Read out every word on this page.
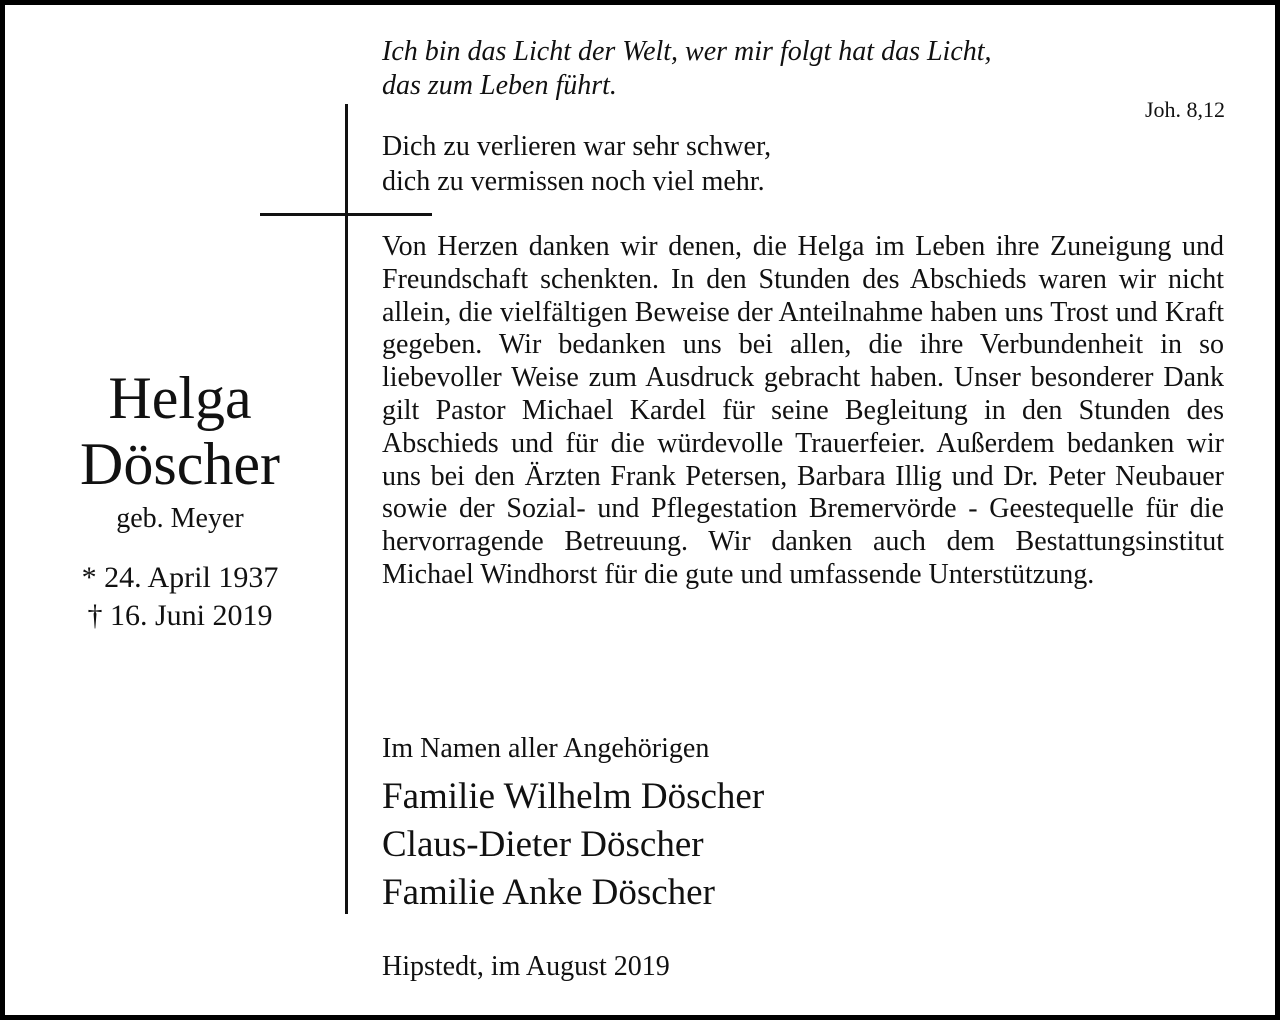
Ich bin das Licht der Welt, wer mir folgt hat das Licht,
das zum Leben führt.
Joh. 8,12
Dich zu verlieren war sehr schwer,
dich zu vermissen noch viel mehr.
Helga
Döscher
geb. Meyer
* 24. April 1937
† 16. Juni 2019
Von Herzen danken wir denen, die Helga im Leben ihre Zuneigung und Freundschaft schenkten. In den Stunden des Abschieds waren wir nicht allein, die vielfältigen Beweise der Anteilnahme haben uns Trost und Kraft gegeben. Wir bedanken uns bei allen, die ihre Verbundenheit in so liebevoller Weise zum Ausdruck gebracht haben. Unser besonderer Dank gilt Pastor Michael Kardel für seine Begleitung in den Stunden des Abschieds und für die würdevolle Trauerfeier. Außerdem bedanken wir uns bei den Ärzten Frank Petersen, Barbara Illig und Dr. Peter Neubauer sowie der Sozial- und Pflegestation Bremervörde - Geestequelle für die hervorragende Betreuung. Wir danken auch dem Bestattungsinstitut Michael Windhorst für die gute und umfassende Unterstützung.
Im Namen aller Angehörigen
Familie Wilhelm Döscher
Claus-Dieter Döscher
Familie Anke Döscher
Hipstedt, im August 2019
